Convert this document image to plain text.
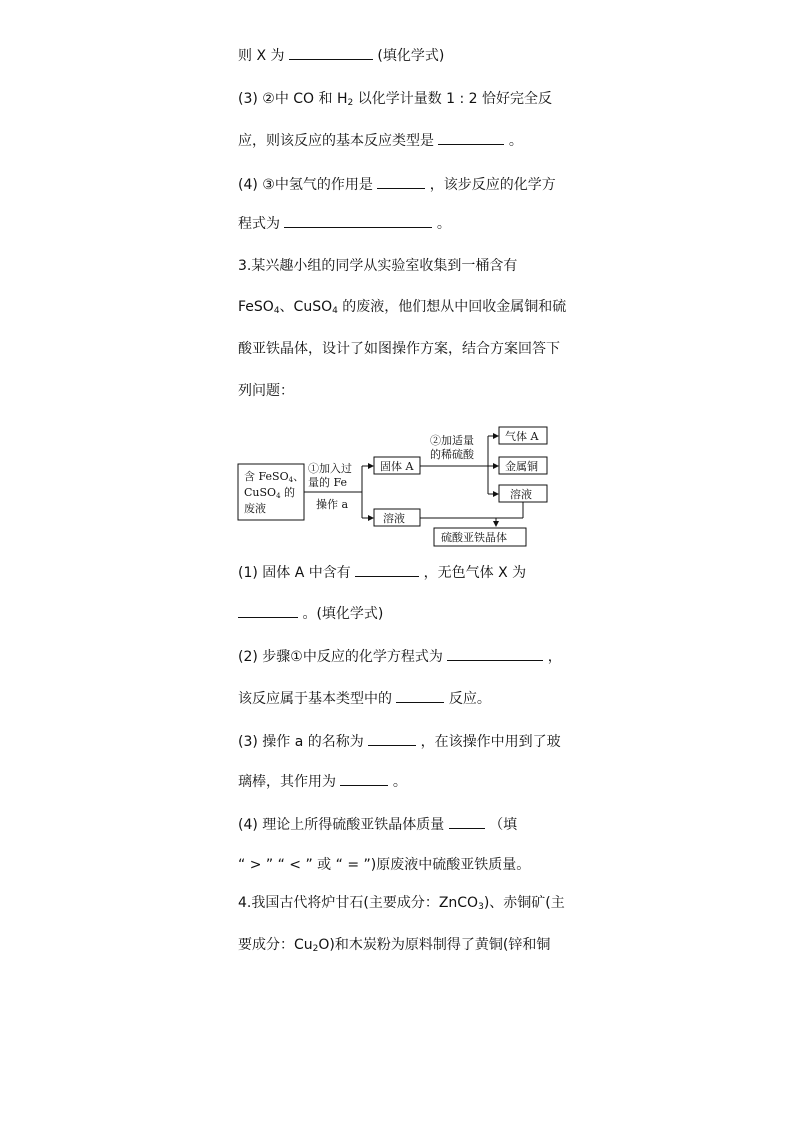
则 X 为	(填化学式)
(3) ②中 CO 和 $H_2$ 以化学计量数 1 : 2 恰好完全反
应，则该反应的基本反应类型是	。
(4) ③中氢气的作用是	，该步反应的化学方
程式为	。
3.某兴趣小组的同学从实验室收集到一桶含有
FeSO$_4$、CuSO$_4$ 的废液，他们想从中回收金属铜和硫
酸亚铁晶体，设计了如图操作方案，结合方案回答下
列问题：
含 FeSO4、
CuSO4 的
废液
①加入过
量的 Fe
操作 a
固体 A
溶液
②加适量
的稀硫酸
气体 A
金属铜
溶液
硫酸亚铁晶体
(1) 固体 A 中含有	，无色气体 X 为
。(填化学式)
(2) 步骤①中反应的化学方程式为	，
该反应属于基本类型中的	反应。
(3) 操作 a 的名称为	，在该操作中用到了玻
璃棒，其作用为	。
(4) 理论上所得硫酸亚铁晶体质量	（填
“ > ” “ < ” 或 “ = ”)原废液中硫酸亚铁质量。
4.我国古代将炉甘石(主要成分：ZnCO$_3$)、赤铜矿(主
要成分：$Cu_2O$)和木炭粉为原料制得了黄铜(锌和铜
